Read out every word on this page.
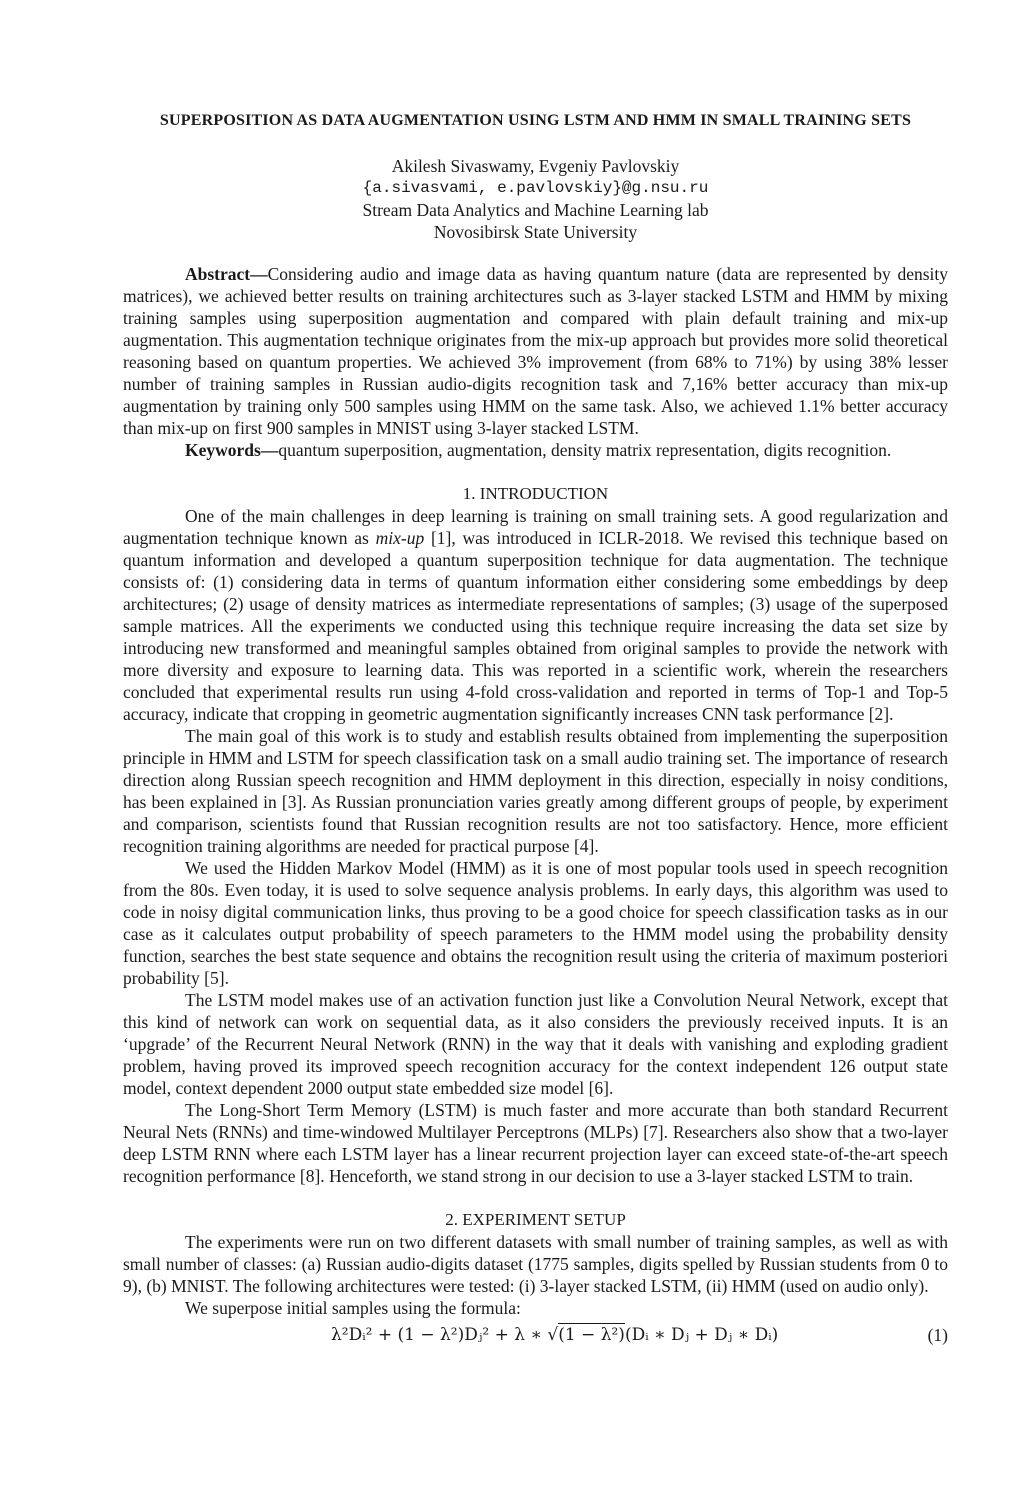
SUPERPOSITION AS DATA AUGMENTATION USING LSTM AND HMM IN SMALL TRAINING SETS
Akilesh Sivaswamy, Evgeniy Pavlovskiy
{a.sivasvami, e.pavlovskiy}@g.nsu.ru
Stream Data Analytics and Machine Learning lab
Novosibirsk State University

Abstract—Considering audio and image data as having quantum nature (data are represented by density matrices), we achieved better results on training architectures such as 3-layer stacked LSTM and HMM by mixing training samples using superposition augmentation and compared with plain default training and mix-up augmentation. This augmentation technique originates from the mix-up approach but provides more solid theoretical reasoning based on quantum properties. We achieved 3% improvement (from 68% to 71%) by using 38% lesser number of training samples in Russian audio-digits recognition task and 7,16% better accuracy than mix-up augmentation by training only 500 samples using HMM on the same task. Also, we achieved 1.1% better accuracy than mix-up on first 900 samples in MNIST using 3-layer stacked LSTM.

Keywords—quantum superposition, augmentation, density matrix representation, digits recognition.

1. INTRODUCTION

One of the main challenges in deep learning is training on small training sets. A good regularization and augmentation technique known as mix-up [1], was introduced in ICLR-2018. We revised this technique based on quantum information and developed a quantum superposition technique for data augmentation. The technique consists of: (1) considering data in terms of quantum information either considering some embeddings by deep architectures; (2) usage of density matrices as intermediate representations of samples; (3) usage of the superposed sample matrices. All the experiments we conducted using this technique require increasing the data set size by introducing new transformed and meaningful samples obtained from original samples to provide the network with more diversity and exposure to learning data. This was reported in a scientific work, wherein the researchers concluded that experimental results run using 4-fold cross-validation and reported in terms of Top-1 and Top-5 accuracy, indicate that cropping in geometric augmentation significantly increases CNN task performance [2].

The main goal of this work is to study and establish results obtained from implementing the superposition principle in HMM and LSTM for speech classification task on a small audio training set. The importance of research direction along Russian speech recognition and HMM deployment in this direction, especially in noisy conditions, has been explained in [3]. As Russian pronunciation varies greatly among different groups of people, by experiment and comparison, scientists found that Russian recognition results are not too satisfactory. Hence, more efficient recognition training algorithms are needed for practical purpose [4].

We used the Hidden Markov Model (HMM) as it is one of most popular tools used in speech recognition from the 80s. Even today, it is used to solve sequence analysis problems. In early days, this algorithm was used to code in noisy digital communication links, thus proving to be a good choice for speech classification tasks as in our case as it calculates output probability of speech parameters to the HMM model using the probability density function, searches the best state sequence and obtains the recognition result using the criteria of maximum posteriori probability [5].

The LSTM model makes use of an activation function just like a Convolution Neural Network, except that this kind of network can work on sequential data, as it also considers the previously received inputs. It is an ‘upgrade’ of the Recurrent Neural Network (RNN) in the way that it deals with vanishing and exploding gradient problem, having proved its improved speech recognition accuracy for the context independent 126 output state model, context dependent 2000 output state embedded size model [6].

The Long-Short Term Memory (LSTM) is much faster and more accurate than both standard Recurrent Neural Nets (RNNs) and time-windowed Multilayer Perceptrons (MLPs) [7]. Researchers also show that a two-layer deep LSTM RNN where each LSTM layer has a linear recurrent projection layer can exceed state-of-the-art speech recognition performance [8]. Henceforth, we stand strong in our decision to use a 3-layer stacked LSTM to train.

2. EXPERIMENT SETUP

The experiments were run on two different datasets with small number of training samples, as well as with small number of classes: (a) Russian audio-digits dataset (1775 samples, digits spelled by Russian students from 0 to 9), (b) MNIST. The following architectures were tested: (i) 3-layer stacked LSTM, (ii) HMM (used on audio only).

We superpose initial samples using the formula:

λ²Dᵢ² + (1 − λ²)Dⱼ² + λ ∗ √(1 − λ²)(Dᵢ ∗ Dⱼ + Dⱼ ∗ Dᵢ)	(1)
